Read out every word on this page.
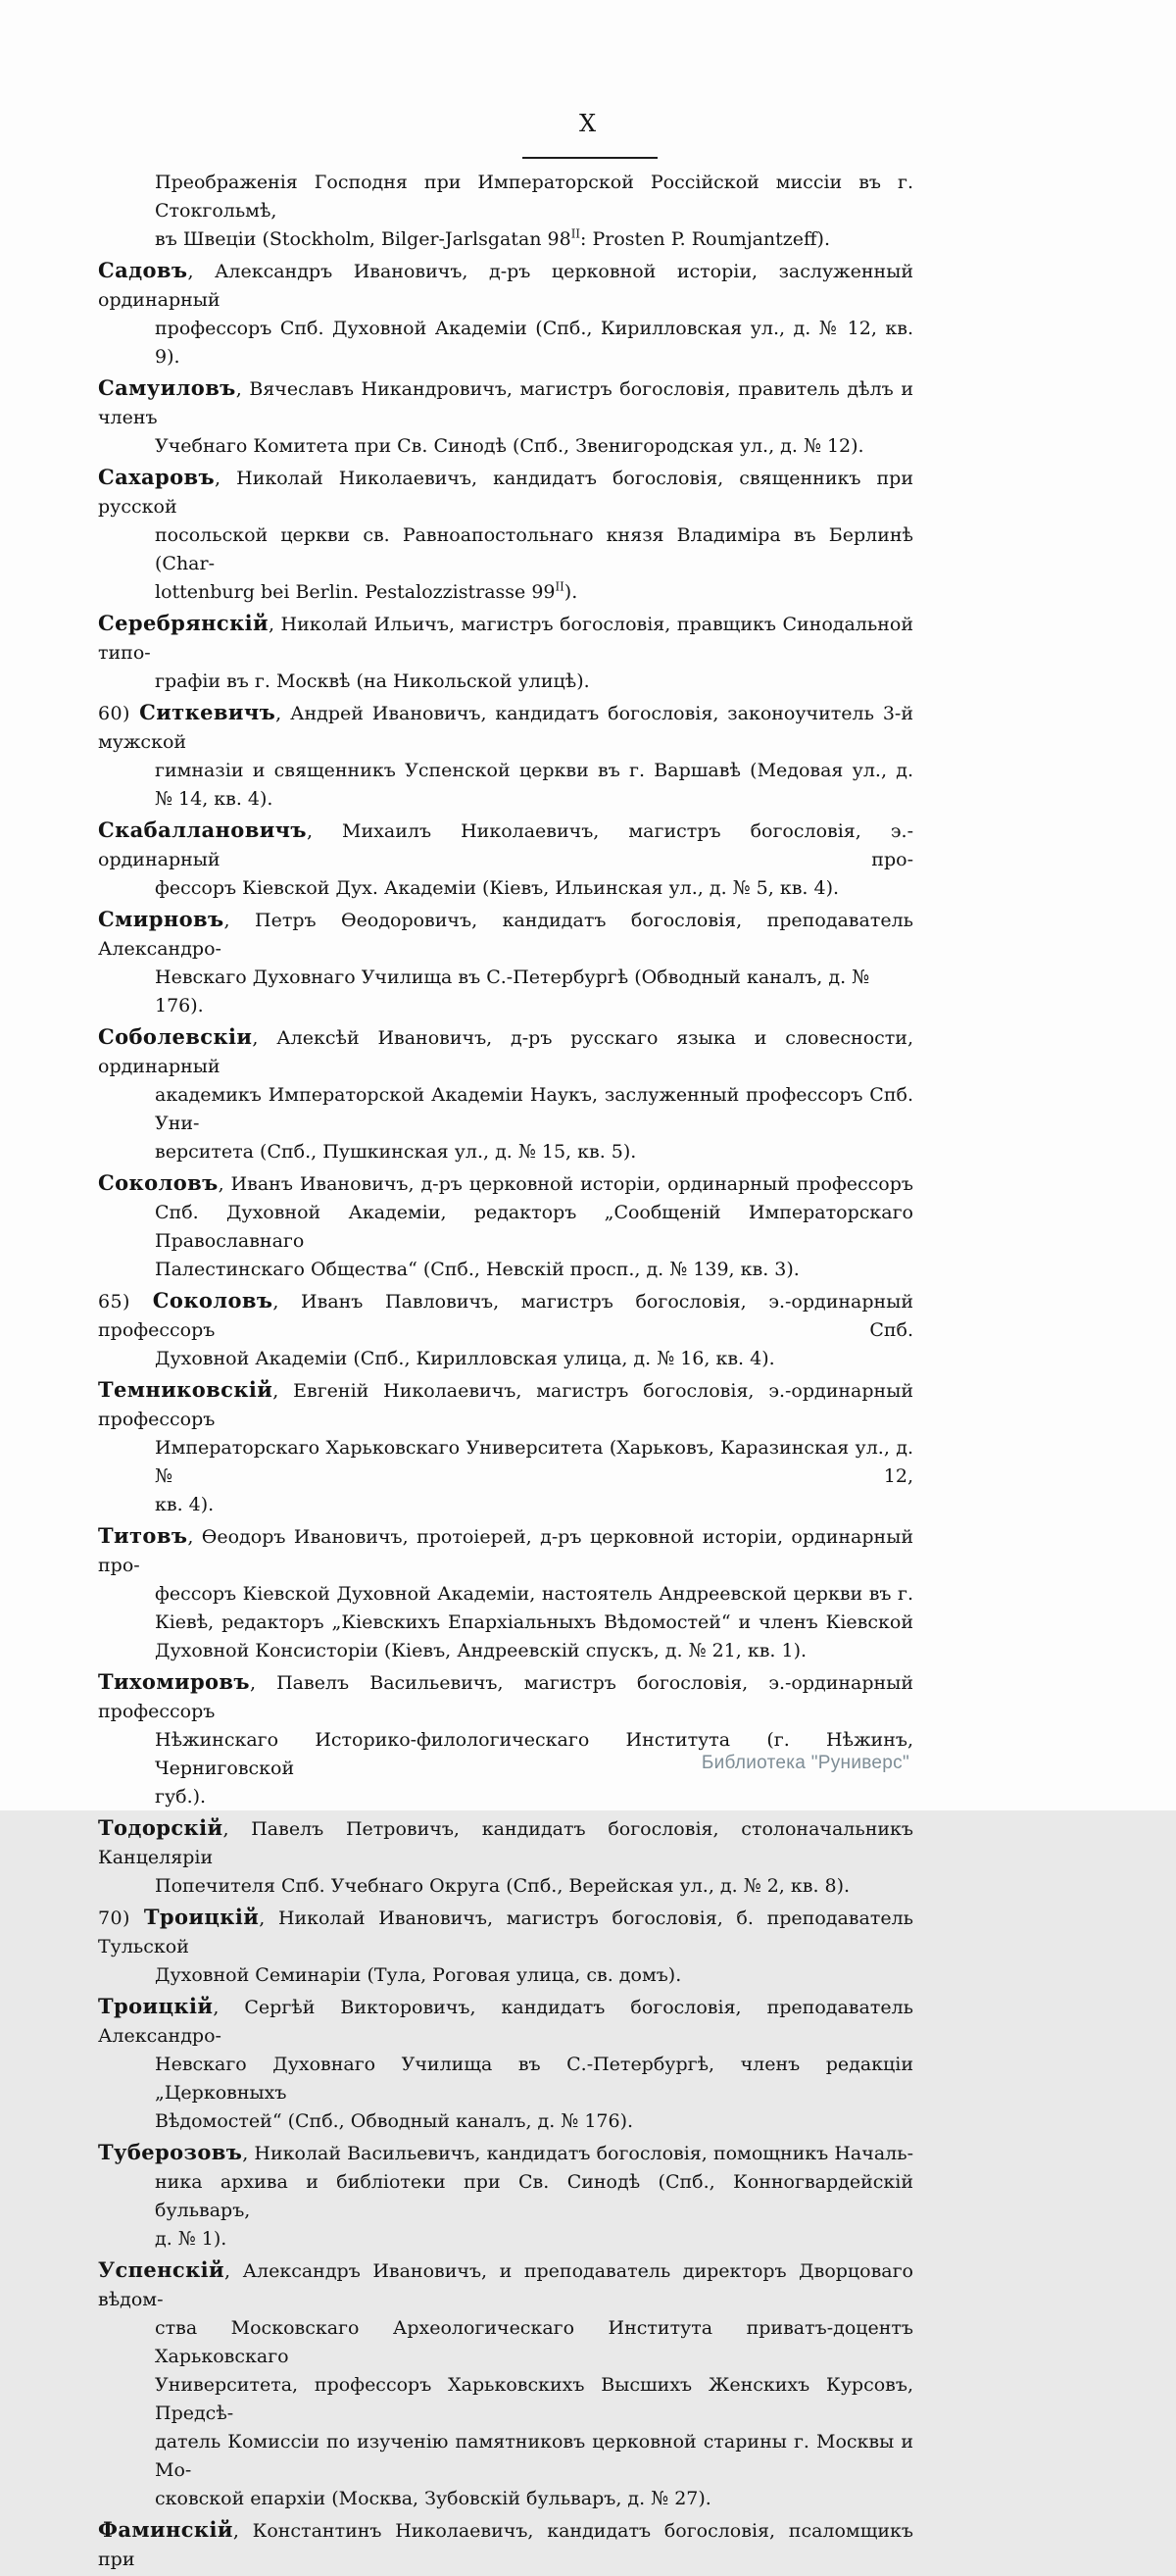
X
Преображенія Господня при Императорской Россійской миссіи въ г. Стокгольмѣ,
въ Швеціи (Stockholm, Bilger-Jarlsgatan $98^{II}$: Prosten P. Roumjantzeff).
Садовъ, Александръ Ивановичъ, д-ръ церковной исторіи, заслуженный ординарный
профессоръ Спб. Духовной Академіи (Спб., Кирилловская ул., д. № 12, кв. 9).
Самуиловъ, Вячеславъ Никандровичъ, магистръ богословія, правитель дѣлъ и членъ
Учебнаго Комитета при Св. Синодѣ (Спб., Звенигородская ул., д. № 12).
Сахаровъ, Николай Николаевичъ, кандидатъ богословія, священникъ при русской
посольской церкви св. Равноапостольнаго князя Владиміра въ Берлинѣ (Char-
lottenburg bei Berlin. Pestalozzistrasse $99^{II}$).
Серебрянскій, Николай Ильичъ, магистръ богословія, правщикъ Синодальной типо-
графіи въ г. Москвѣ (на Никольской улицѣ).
60) Ситкевичъ, Андрей Ивановичъ, кандидатъ богословія, законоучитель 3-й мужской
гимназіи и священникъ Успенской церкви въ г. Варшавѣ (Медовая ул., д.
№ 14, кв. 4).
Скабаллановичъ, Михаилъ Николаевичъ, магистръ богословія, э.-ординарный про-
фессоръ Кіевской Дух. Академіи (Кіевъ, Ильинская ул., д. № 5, кв. 4).
Смирновъ, Петръ Ѳеодоровичъ, кандидатъ богословія, преподаватель Александро-
Невскаго Духовнаго Училища въ С.-Петербургѣ (Обводный каналъ, д. № 176).
Соболевскіи, Алексѣй Ивановичъ, д-ръ русскаго языка и словесности, ординарный
академикъ Императорской Академіи Наукъ, заслуженный профессоръ Спб. Уни-
верситета (Спб., Пушкинская ул., д. № 15, кв. 5).
Соколовъ, Иванъ Ивановичъ, д-ръ церковной исторіи, ординарный профессоръ
Спб. Духовной Академіи, редакторъ „Сообщеній Императорскаго Православнаго
Палестинскаго Общества“ (Спб., Невскій просп., д. № 139, кв. 3).
65) Соколовъ, Иванъ Павловичъ, магистръ богословія, э.-ординарный профессоръ Спб.
Духовной Академіи (Спб., Кирилловская улица, д. № 16, кв. 4).
Темниковскій, Евгеній Николаевичъ, магистръ богословія, э.-ординарный профессоръ
Императорскаго Харьковскаго Университета (Харьковъ, Каразинская ул., д. № 12,
кв. 4).
Титовъ, Ѳеодоръ Ивановичъ, протоіерей, д-ръ церковной исторіи, ординарный про-
фессоръ Кіевской Духовной Академіи, настоятель Андреевской церкви въ г.
Кіевѣ, редакторъ „Кіевскихъ Епархіальныхъ Вѣдомостей“ и членъ Кіевской
Духовной Консисторіи (Кіевъ, Андреевскій спускъ, д. № 21, кв. 1).
Тихомировъ, Павелъ Васильевичъ, магистръ богословія, э.-ординарный профессоръ
Нѣжинскаго Историко-филологическаго Института (г. Нѣжинъ, Черниговской
губ.).
Тодорскій, Павелъ Петровичъ, кандидатъ богословія, столоначальникъ Канцеляріи
Попечителя Спб. Учебнаго Округа (Спб., Верейская ул., д. № 2, кв. 8).
70) Троицкій, Николай Ивановичъ, магистръ богословія, б. преподаватель Тульской
Духовной Семинаріи (Тула, Роговая улица, св. домъ).
Троицкій, Сергѣй Викторовичъ, кандидатъ богословія, преподаватель Александро-
Невскаго Духовнаго Училища въ С.-Петербургѣ, членъ редакціи „Церковныхъ
Вѣдомостей“ (Спб., Обводный каналъ, д. № 176).
Туберозовъ, Николай Васильевичъ, кандидатъ богословія, помощникъ Началь-
ника архива и библіотеки при Св. Синодѣ (Спб., Конногвардейскій бульваръ,
д. № 1).
Успенскій, Александръ Ивановичъ, и преподаватель директоръ Дворцоваго вѣдом-
ства Московскаго Археологическаго Института приватъ-доцентъ Харьковскаго
Университета, профессоръ Харьковскихъ Высшихъ Женскихъ Курсовъ, Предсѣ-
датель Комиссіи по изученію памятниковъ церковной старины г. Москвы и Мо-
сковской епархіи (Москва, Зубовскій бульваръ, д. № 27).
Фаминскій, Константинъ Николаевичъ, кандидатъ богословія, псаломщикъ при
Библиотека "Руниверс"
